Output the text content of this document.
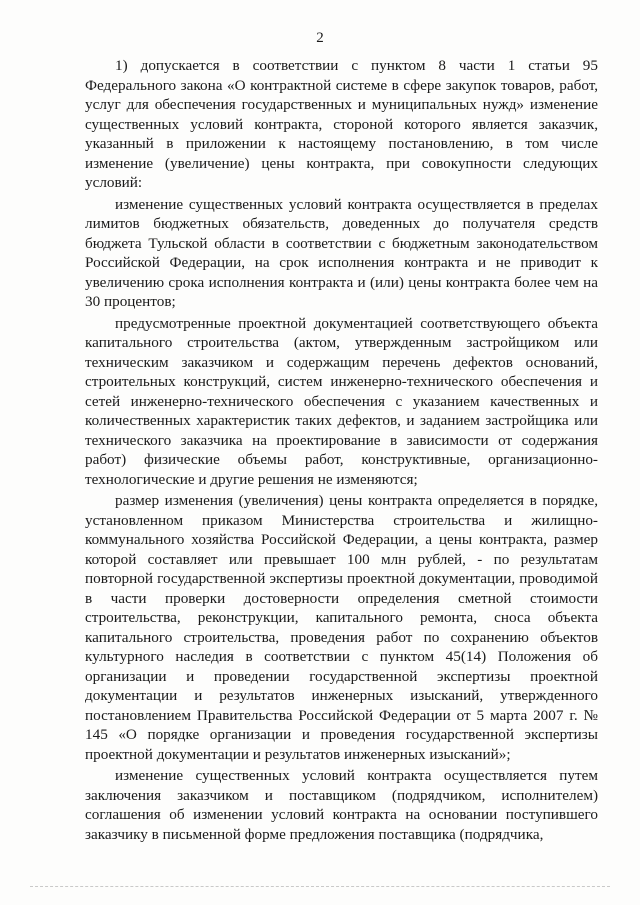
2

1) допускается в соответствии с пунктом 8 части 1 статьи 95 Федерального закона «О контрактной системе в сфере закупок товаров, работ, услуг для обеспечения государственных и муниципальных нужд» изменение существенных условий контракта, стороной которого является заказчик, указанный в приложении к настоящему постановлению, в том числе изменение (увеличение) цены контракта, при совокупности следующих условий:

изменение существенных условий контракта осуществляется в пределах лимитов бюджетных обязательств, доведенных до получателя средств бюджета Тульской области в соответствии с бюджетным законодательством Российской Федерации, на срок исполнения контракта и не приводит к увеличению срока исполнения контракта и (или) цены контракта более чем на 30 процентов;

предусмотренные проектной документацией соответствующего объекта капитального строительства (актом, утвержденным застройщиком или техническим заказчиком и содержащим перечень дефектов оснований, строительных конструкций, систем инженерно-технического обеспечения и сетей инженерно-технического обеспечения с указанием качественных и количественных характеристик таких дефектов, и заданием застройщика или технического заказчика на проектирование в зависимости от содержания работ) физические объемы работ, конструктивные, организационно-технологические и другие решения не изменяются;

размер изменения (увеличения) цены контракта определяется в порядке, установленном приказом Министерства строительства и жилищно-коммунального хозяйства Российской Федерации, а цены контракта, размер которой составляет или превышает 100 млн рублей, - по результатам повторной государственной экспертизы проектной документации, проводимой в части проверки достоверности определения сметной стоимости строительства, реконструкции, капитального ремонта, сноса объекта капитального строительства, проведения работ по сохранению объектов культурного наследия в соответствии с пунктом 45(14) Положения об организации и проведении государственной экспертизы проектной документации и результатов инженерных изысканий, утвержденного постановлением Правительства Российской Федерации от 5 марта 2007 г. № 145 «О порядке организации и проведения государственной экспертизы проектной документации и результатов инженерных изысканий»;

изменение существенных условий контракта осуществляется путем заключения заказчиком и поставщиком (подрядчиком, исполнителем) соглашения об изменении условий контракта на основании поступившего заказчику в письменной форме предложения поставщика (подрядчика,
